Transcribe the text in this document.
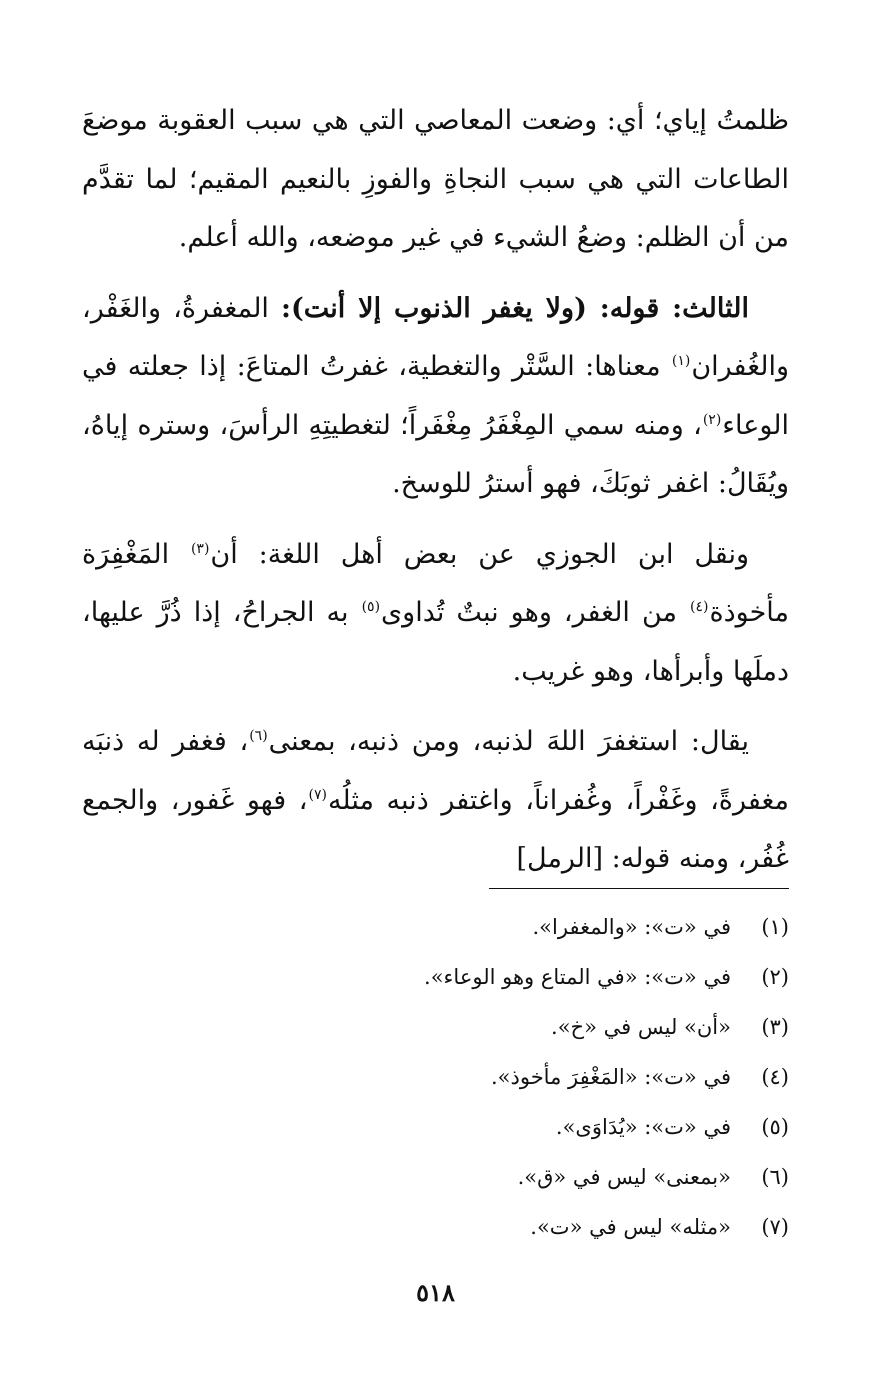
ظلمتُ إياي؛ أي: وضعت المعاصي التي هي سبب العقوبة موضعَ الطاعات التي هي سبب النجاةِ والفوزِ بالنعيم المقيم؛ لما تقدَّم من أن الظلم: وضعُ الشيء في غير موضعه، والله أعلم.

الثالث: قوله: (ولا يغفر الذنوب إلا أنت): المغفرةُ، والغَفْر، والغُفران$^{(١)}$ معناها: السَّتْر والتغطية، غفرتُ المتاعَ: إذا جعلته في الوعاء$^{(٢)}$، ومنه سمي المِغْفَرُ مِغْفَراً؛ لتغطيتِهِ الرأسَ، وستره إياهُ، ويُقَالُ: اغفر ثوبَكَ، فهو أسترُ للوسخ.

ونقل ابن الجوزي عن بعض أهل اللغة: أن$^{(٣)}$ المَغْفِرَة مأخوذة$^{(٤)}$ من الغفر، وهو نبتٌ تُداوى$^{(٥)}$ به الجراحُ، إذا ذُرَّ عليها، دملَها وأبرأها، وهو غريب.

يقال: استغفرَ اللهَ لذنبه، ومن ذنبه، بمعنى$^{(٦)}$، فغفر له ذنبَه مغفرةً، وغَفْراً، وغُفراناً، واغتفر ذنبه مثلُه$^{(٧)}$، فهو غَفور، والجمع غُفُر، ومنه قوله: [الرمل]

(١)
في «ت»: «والمغفرا».
(٢)
في «ت»: «في المتاع وهو الوعاء».
(٣)
«أن» ليس في «خ».
(٤)
في «ت»: «المَغْفِرَ مأخوذ».
(٥)
في «ت»: «يُدَاوَى».
(٦)
«بمعنى» ليس في «ق».
(٧)
«مثله» ليس في «ت».
٥١٨
